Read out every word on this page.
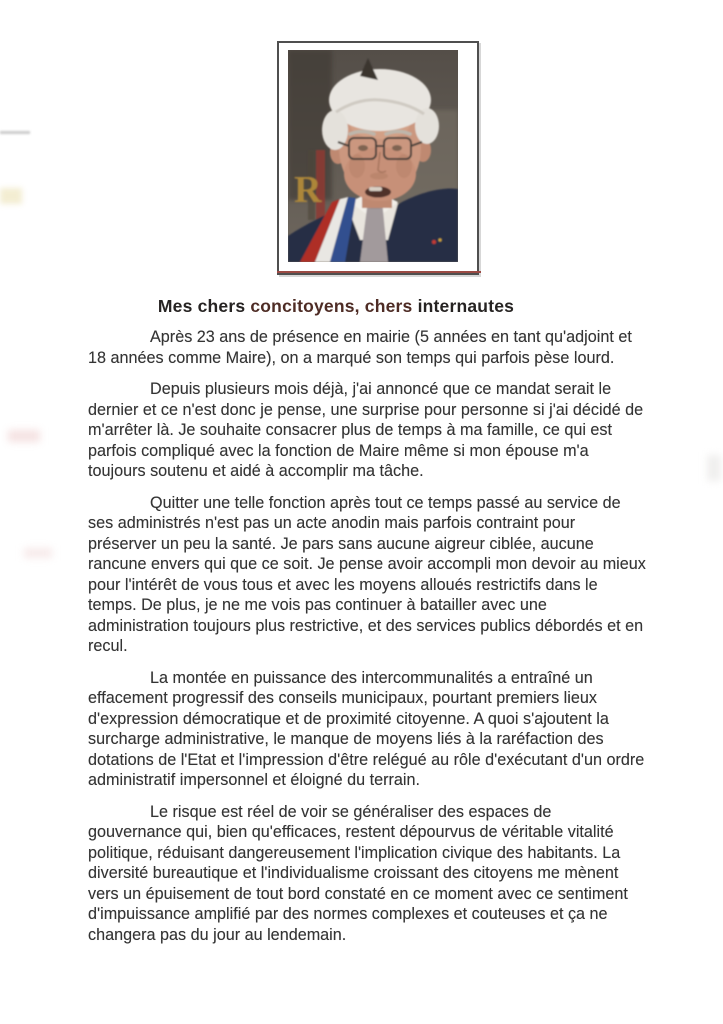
R
Mes chers concitoyens, chers internautes

Après 23 ans de présence en mairie (5 années en tant qu'adjoint et 18 années comme Maire), on a marqué son temps qui parfois pèse lourd.

Depuis plusieurs mois déjà, j'ai annoncé que ce mandat serait le dernier et ce n'est donc je pense, une surprise pour personne si j'ai décidé de m'arrêter là. Je souhaite consacrer plus de temps à ma famille, ce qui est parfois compliqué avec la fonction de Maire même si mon épouse m'a toujours soutenu et aidé à accomplir ma tâche.

Quitter une telle fonction après tout ce temps passé au service de ses administrés n'est pas un acte anodin mais parfois contraint pour préserver un peu la santé. Je pars sans aucune aigreur ciblée, aucune rancune envers qui que ce soit. Je pense avoir accompli mon devoir au mieux pour l'intérêt de vous tous et avec les moyens alloués restrictifs dans le temps. De plus, je ne me vois pas continuer à batailler avec une administration toujours plus restrictive, et des services publics débordés et en recul.

La montée en puissance des intercommunalités a entraîné un effacement progressif des conseils municipaux, pourtant premiers lieux d'expression démocratique et de proximité citoyenne. A quoi s'ajoutent la surcharge administrative, le manque de moyens liés à la raréfaction des dotations de l'Etat et l'impression d'être relégué au rôle d'exécutant d'un ordre administratif impersonnel et éloigné du terrain.

Le risque est réel de voir se généraliser des espaces de gouvernance qui, bien qu'efficaces, restent dépourvus de véritable vitalité politique, réduisant dangereusement l'implication civique des habitants. La diversité bureautique et l'individualisme croissant des citoyens me mènent vers un épuisement de tout bord constaté en ce moment avec ce sentiment d'impuissance amplifié par des normes complexes et couteuses et ça ne changera pas du jour au lendemain.
